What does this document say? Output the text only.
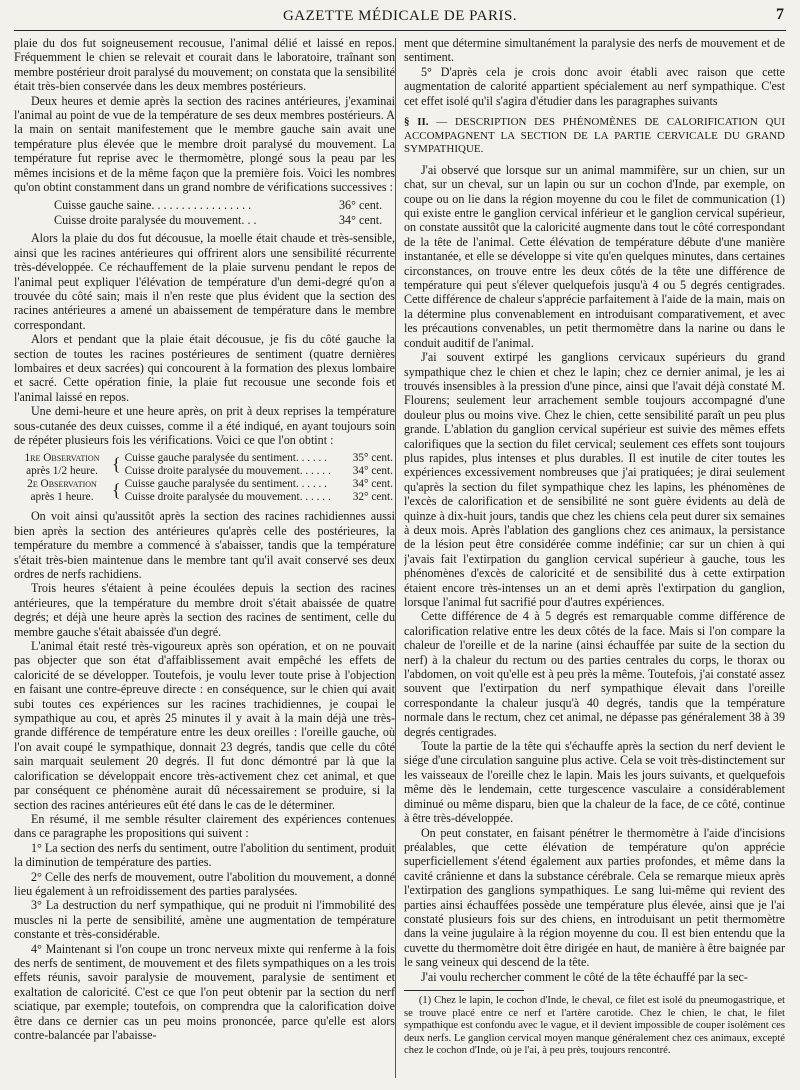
GAZETTE MÉDICALE DE PARIS.	7

plaie du dos fut soigneusement recousue, l'animal délié et laissé en repos. Fréquemment le chien se relevait et courait dans le laboratoire, traînant son membre postérieur droit paralysé du mouvement; on constata que la sensibilité était très-bien conservée dans les deux membres postérieurs.

Deux heures et demie après la section des racines antérieures, j'examinai l'animal au point de vue de la température de ses deux membres postérieurs. A la main on sentait manifestement que le membre gauche sain avait une température plus élevée que le membre droit paralysé du mouvement. La température fut reprise avec le thermomètre, plongé sous la peau par les mêmes incisions et de la même façon que la première fois. Voici les nombres qu'on obtint constamment dans un grand nombre de vérifications successives :

Cuisse gauche saine. . . . . . . . . . . . . . . . .	36° cent.
Cuisse droite paralysée du mouvement. . .	34° cent.

Alors la plaie du dos fut décousue, la moelle était chaude et très-sensible, ainsi que les racines antérieures qui offrirent alors une sensibilité récurrente très-développée. Ce réchauffement de la plaie survenu pendant le repos de l'animal peut expliquer l'élévation de température d'un demi-degré qu'on a trouvée du côté sain; mais il n'en reste que plus évident que la section des racines antérieures a amené un abaissement de température dans le membre correspondant.

Alors et pendant que la plaie était décousue, je fis du côté gauche la section de toutes les racines postérieures de sentiment (quatre dernières lombaires et deux sacrées) qui concourent à la formation des plexus lombaire et sacré. Cette opération finie, la plaie fut recousue une seconde fois et l'animal laissé en repos.

Une demi-heure et une heure après, on prit à deux reprises la température sous-cutanée des deux cuisses, comme il a été indiqué, en ayant toujours soin de répéter plusieurs fois les vérifications. Voici ce que l'on obtint :

1re Observation	{	Cuisse gauche paralysée du sentiment. . . . . .	35° cent.
après 1/2 heure.		Cuisse droite paralysée du mouvement. . . . . .	34° cent.
2e Observation	{	Cuisse gauche paralysée du sentiment. . . . . .	34° cent.
après 1 heure.		Cuisse droite paralysée du mouvement. . . . . .	32° cent.

On voit ainsi qu'aussitôt après la section des racines rachidiennes aussi bien après la section des antérieures qu'après celle des postérieures, la température du membre a commencé à s'abaisser, tandis que la température s'était très-bien maintenue dans le membre tant qu'il avait conservé ses deux ordres de nerfs rachidiens.

Trois heures s'étaient à peine écoulées depuis la section des racines antérieures, que la température du membre droit s'était abaissée de quatre degrés; et déjà une heure après la section des racines de sentiment, celle du membre gauche s'était abaissée d'un degré.

L'animal était resté très-vigoureux après son opération, et on ne pouvait pas objecter que son état d'affaiblissement avait empêché les effets de caloricité de se développer. Toutefois, je voulu lever toute prise à l'objection en faisant une contre-épreuve directe : en conséquence, sur le chien qui avait subi toutes ces expériences sur les racines trachidiennes, je coupai le sympathique au cou, et après 25 minutes il y avait à la main déjà une très-grande différence de température entre les deux oreilles : l'oreille gauche, où l'on avait coupé le sympathique, donnait 23 degrés, tandis que celle du côté sain marquait seulement 20 degrés. Il fut donc démontré par là que la calorification se développait encore très-activement chez cet animal, et que par conséquent ce phénomène aurait dû nécessairement se produire, si la section des racines antérieures eût été dans le cas de le déterminer.

En résumé, il me semble résulter clairement des expériences contenues dans ce paragraphe les propositions qui suivent :

1° La section des nerfs du sentiment, outre l'abolition du sentiment, produit la diminution de température des parties.

2° Celle des nerfs de mouvement, outre l'abolition du mouvement, a donné lieu également à un refroidissement des parties paralysées.

3° La destruction du nerf sympathique, qui ne produit ni l'immobilité des muscles ni la perte de sensibilité, amène une augmentation de température constante et très-considérable.

4° Maintenant si l'on coupe un tronc nerveux mixte qui renferme à la fois des nerfs de sentiment, de mouvement et des filets sympathiques on a les trois effets réunis, savoir paralysie de mouvement, paralysie de sentiment et exaltation de caloricité. C'est ce que l'on peut obtenir par la section du nerf sciatique, par exemple; toutefois, on comprendra que la calorification doive être dans ce dernier cas un peu moins prononcée, parce qu'elle est alors contre-balancée par l'abaisse-

ment que détermine simultanément la paralysie des nerfs de mouvement et de sentiment.

5° D'après cela je crois donc avoir établi avec raison que cette augmentation de calorité appartient spécialement au nerf sympathique. C'est cet effet isolé qu'il s'agira d'étudier dans les paragraphes suivants

§ II. — DESCRIPTION DES PHÉNOMÈNES DE CALORIFICATION QUI ACCOMPAGNENT LA SECTION DE LA PARTIE CERVICALE DU GRAND SYMPATHIQUE.

J'ai observé que lorsque sur un animal mammifère, sur un chien, sur un chat, sur un cheval, sur un lapin ou sur un cochon d'Inde, par exemple, on coupe ou on lie dans la région moyenne du cou le filet de communication (1) qui existe entre le ganglion cervical inférieur et le ganglion cervical supérieur, on constate aussitôt que la caloricité augmente dans tout le côté correspondant de la tête de l'animal. Cette élévation de température débute d'une manière instantanée, et elle se développe si vite qu'en quelques minutes, dans certaines circonstances, on trouve entre les deux côtés de la tête une différence de température qui peut s'élever quelquefois jusqu'à 4 ou 5 degrés centigrades. Cette différence de chaleur s'apprécie parfaitement à l'aide de la main, mais on la détermine plus convenablement en introduisant comparativement, et avec les précautions convenables, un petit thermomètre dans la narine ou dans le conduit auditif de l'animal.

J'ai souvent extirpé les ganglions cervicaux supérieurs du grand sympathique chez le chien et chez le lapin; chez ce dernier animal, je les ai trouvés insensibles à la pression d'une pince, ainsi que l'avait déjà constaté M. Flourens; seulement leur arrachement semble toujours accompagné d'une douleur plus ou moins vive. Chez le chien, cette sensibilité paraît un peu plus grande. L'ablation du ganglion cervical supérieur est suivie des mêmes effets calorifiques que la section du filet cervical; seulement ces effets sont toujours plus rapides, plus intenses et plus durables. Il est inutile de citer toutes les expériences excessivement nombreuses que j'ai pratiquées; je dirai seulement qu'après la section du filet sympathique chez les lapins, les phénomènes de l'excès de calorification et de sensibilité ne sont guère évidents au delà de quinze à dix-huit jours, tandis que chez les chiens cela peut durer six semaines à deux mois. Après l'ablation des ganglions chez ces animaux, la persistance de la lésion peut être considérée comme indéfinie; car sur un chien à qui j'avais fait l'extirpation du ganglion cervical supérieur à gauche, tous les phénomènes d'excès de caloricité et de sensibilité dus à cette extirpation étaient encore très-intenses un an et demi après l'extirpation du ganglion, lorsque l'animal fut sacrifié pour d'autres expériences.

Cette différence de 4 à 5 degrés est remarquable comme différence de calorification relative entre les deux côtés de la face. Mais si l'on compare la chaleur de l'oreille et de la narine (ainsi échauffée par suite de la section du nerf) à la chaleur du rectum ou des parties centrales du corps, le thorax ou l'abdomen, on voit qu'elle est à peu près la même. Toutefois, j'ai constaté assez souvent que l'extirpation du nerf sympathique élevait dans l'oreille correspondante la chaleur jusqu'à 40 degrés, tandis que la température normale dans le rectum, chez cet animal, ne dépasse pas généralement 38 à 39 degrés centigrades.

Toute la partie de la tête qui s'échauffe après la section du nerf devient le siége d'une circulation sanguine plus active. Cela se voit très-distinctement sur les vaisseaux de l'oreille chez le lapin. Mais les jours suivants, et quelquefois même dès le lendemain, cette turgescence vasculaire a considérablement diminué ou même disparu, bien que la chaleur de la face, de ce côté, continue à être très-développée.

On peut constater, en faisant pénétrer le thermomètre à l'aide d'incisions préalables, que cette élévation de température qu'on apprécie superficiellement s'étend également aux parties profondes, et même dans la cavité crânienne et dans la substance cérébrale. Cela se remarque mieux après l'extirpation des ganglions sympathiques. Le sang lui-même qui revient des parties ainsi échauffées possède une température plus élevée, ainsi que je l'ai constaté plusieurs fois sur des chiens, en introduisant un petit thermomètre dans la veine jugulaire à la région moyenne du cou. Il est bien entendu que la cuvette du thermomètre doit être dirigée en haut, de manière à être baignée par le sang veineux qui descend de la tête.

J'ai voulu rechercher comment le côté de la tête échauffé par la sec-

(1) Chez le lapin, le cochon d'Inde, le cheval, ce filet est isolé du pneumogastrique, et se trouve placé entre ce nerf et l'artère carotide. Chez le chien, le chat, le filet sympathique est confondu avec le vague, et il devient impossible de couper isolément ces deux nerfs. Le ganglion cervical moyen manque généralement chez ces animaux, excepté chez le cochon d'Inde, où je l'ai, à peu près, toujours rencontré.
